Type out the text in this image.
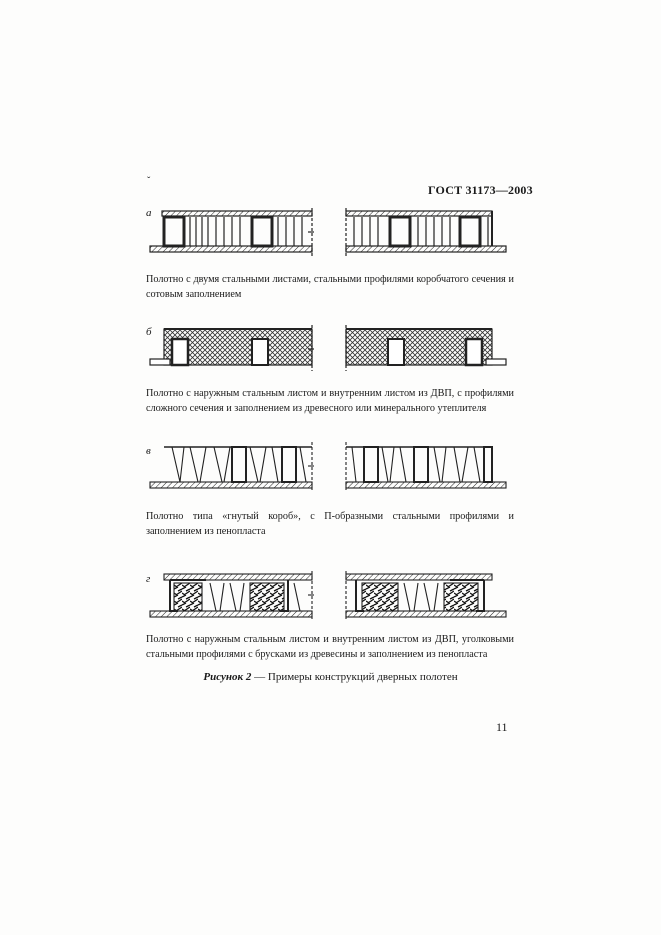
ˇ
ГОСТ 31173—2003
а
Полотно с двумя стальными листами, стальными профилями коробчатого сечения и сотовым заполнением
б
Полотно с наружным стальным листом и внутренним листом из ДВП, с профилями сложного сечения и заполнением из древесного или минерального утеплителя
в
Полотно типа «гнутый короб», с П-образными стальными профилями и заполнением из пенопласта
г
Полотно с наружным стальным листом и внутренним листом из ДВП, уголковыми стальными профилями с брусками из древесины и заполнением из пенопласта
Рисунок 2 — Примеры конструкций дверных полотен
11
